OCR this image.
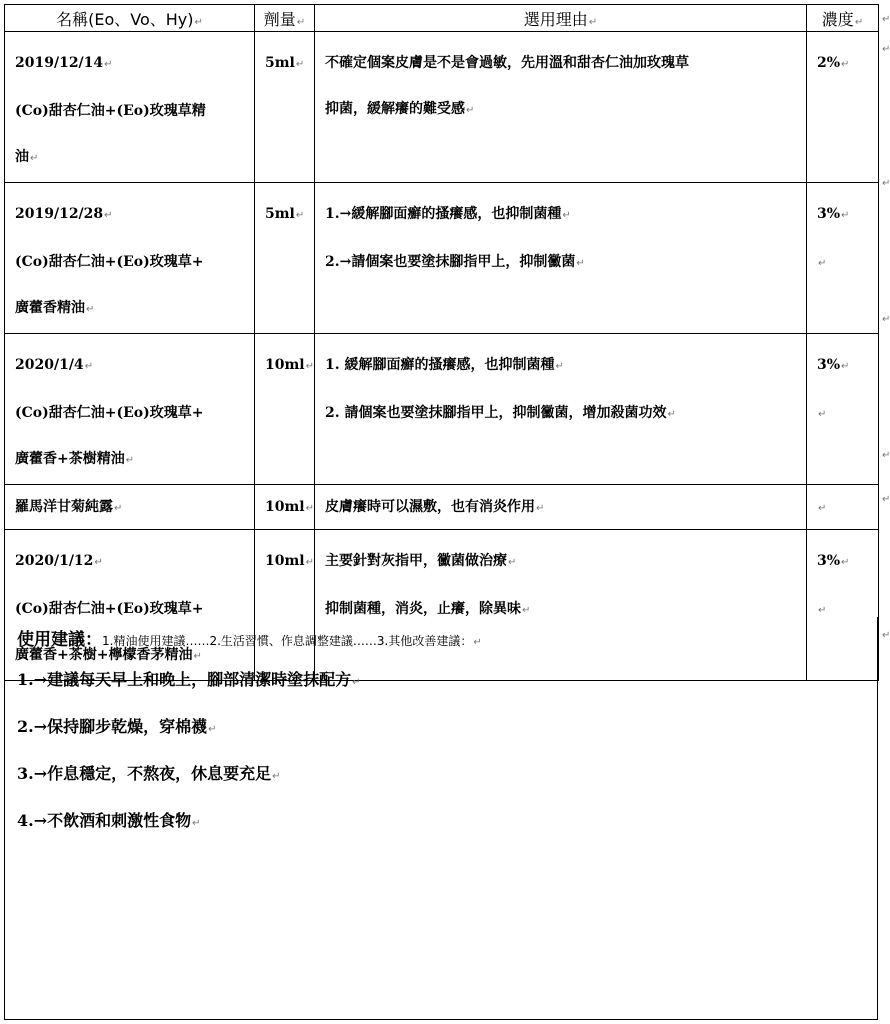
名稱(Eo、Vo、Hy)↵	劑量↵	選用理由↵	濃度↵

2019/12/14↵
(Co)甜杏仁油+(Eo)玫瑰草精
油↵	5ml↵	不確定個案皮膚是不是會過敏，先用溫和甜杏仁油加玫瑰草
抑菌，緩解癢的難受感↵	2%↵

2019/12/28↵
(Co)甜杏仁油+(Eo)玫瑰草+
廣藿香精油↵	5ml↵	1.→緩解腳面癬的搔癢感，也抑制菌種↵
2.→請個案也要塗抹腳指甲上，抑制黴菌↵	3%↵
↵

2020/1/4↵
(Co)甜杏仁油+(Eo)玫瑰草+
廣藿香+茶樹精油↵	10ml↵	1. 緩解腳面癬的搔癢感，也抑制菌種↵
2. 請個案也要塗抹腳指甲上，抑制黴菌，增加殺菌功效↵	3%↵
↵

羅馬洋甘菊純露↵	10ml↵	皮膚癢時可以濕敷，也有消炎作用↵	↵

2020/1/12↵
(Co)甜杏仁油+(Eo)玫瑰草+
廣藿香+茶樹+檸檬香茅精油↵	10ml↵	主要針對灰指甲，黴菌做治療↵
抑制菌種，消炎，止癢，除異味↵	3%↵
↵
使用建議：1.精油使用建議……2.生活習慣、作息調整建議……3.其他改善建議：↵
1.→建議每天早上和晚上，腳部清潔時塗抹配方↵
2.→保持腳步乾燥，穿棉襪↵
3.→作息穩定，不熬夜，休息要充足↵
4.→不飲酒和刺激性食物↵
↵
↵
↵
↵
↵
↵
↵
